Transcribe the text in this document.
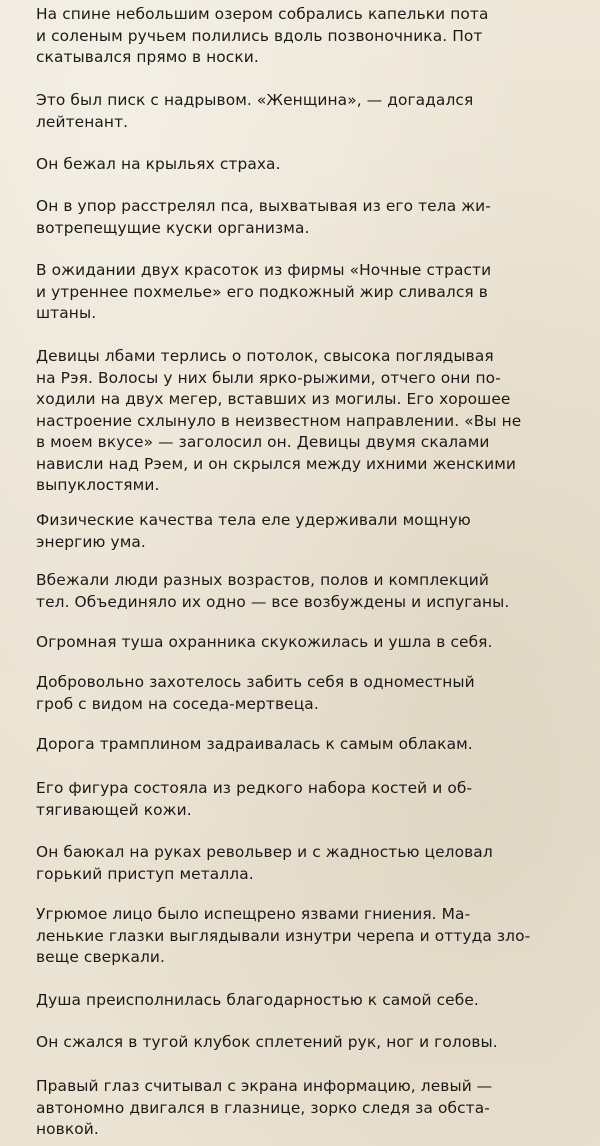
На спине небольшим озером собрались капельки пота
и соленым ручьем полились вдоль позвоночника. Пот
скатывался прямо в носки.

Это был писк с надрывом. «Женщина», — догадался
лейтенант.

Он бежал на крыльях страха.

Он в упор расстрелял пса, выхватывая из его тела жи-
вотрепещущие куски организма.

В ожидании двух красоток из фирмы «Ночные страсти
и утреннее похмелье» его подкожный жир сливался в
штаны.

Девицы лбами терлись о потолок, свысока поглядывая
на Рэя. Волосы у них были ярко-рыжими, отчего они по-
ходили на двух мегер, вставших из могилы. Его хорошее
настроение схлынуло в неизвестном направлении. «Вы не
в моем вкусе» — заголосил он. Девицы двумя скалами
нависли над Рэем, и он скрылся между ихними женскими
выпуклостями.

Физические качества тела еле удерживали мощную
энергию ума.

Вбежали люди разных возрастов, полов и комплекций
тел. Объединяло их одно — все возбуждены и испуганы.

Огромная туша охранника скукожилась и ушла в себя.

Добровольно захотелось забить себя в одноместный
гроб с видом на соседа-мертвеца.

Дорога трамплином задраивалась к самым облакам.

Его фигура состояла из редкого набора костей и об-
тягивающей кожи.

Он баюкал на руках револьвер и с жадностью целовал
горький приступ металла.

Угрюмое лицо было испещрено язвами гниения. Ма-
ленькие глазки выглядывали изнутри черепа и оттуда зло-
веще сверкали.

Душа преисполнилась благодарностью к самой себе.

Он сжался в тугой клубок сплетений рук, ног и головы.

Правый глаз считывал с экрана информацию, левый —
автономно двигался в глазнице, зорко следя за обста-
новкой.
